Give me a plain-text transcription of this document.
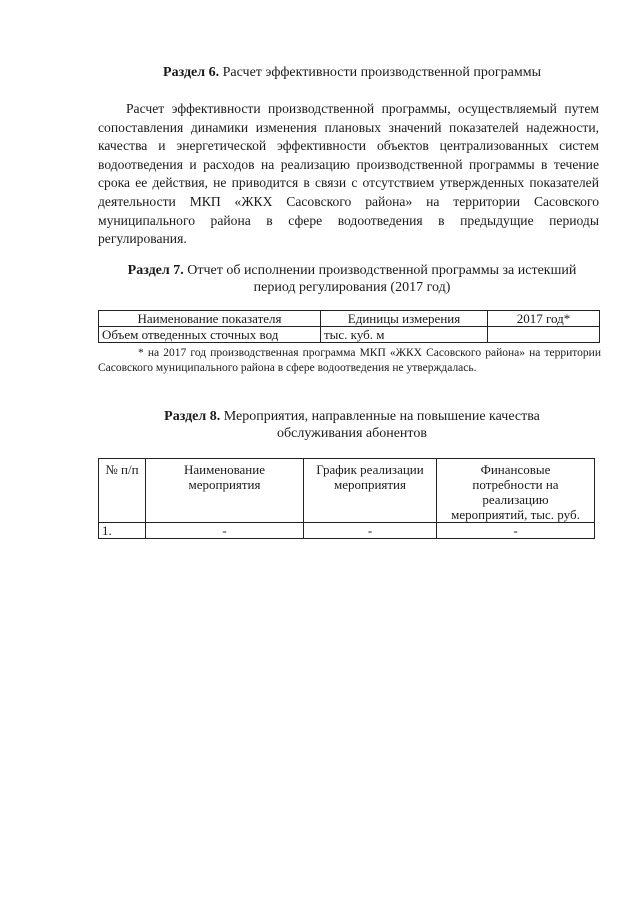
Раздел 6. Расчет эффективности производственной программы
Расчет эффективности производственной программы, осуществляемый путем сопоставления динамики изменения плановых значений показателей надежности, качества и энергетической эффективности объектов централизованных систем водоотведения и расходов на реализацию производственной программы в течение срока ее действия, не приводится в связи с отсутствием утвержденных показателей деятельности МКП «ЖКХ Сасовского района» на территории Сасовского муниципального района в сфере водоотведения в предыдущие периоды регулирования.
Раздел 7. Отчет об исполнении производственной программы за истекший
период регулирования (2017 год)
Наименование показателя	Единицы измерения	2017 год*
Объем отведенных сточных вод	тыс. куб. м	
* на 2017 год производственная программа МКП «ЖКХ Сасовского района» на территории Сасовского муниципального района в сфере водоотведения не утверждалась.
Раздел 8. Мероприятия, направленные на повышение качества
обслуживания абонентов
№ п/п	Наименование мероприятия	График реализации мероприятия	Финансовые потребности на реализацию мероприятий, тыс. руб.
1.	-	-	-
